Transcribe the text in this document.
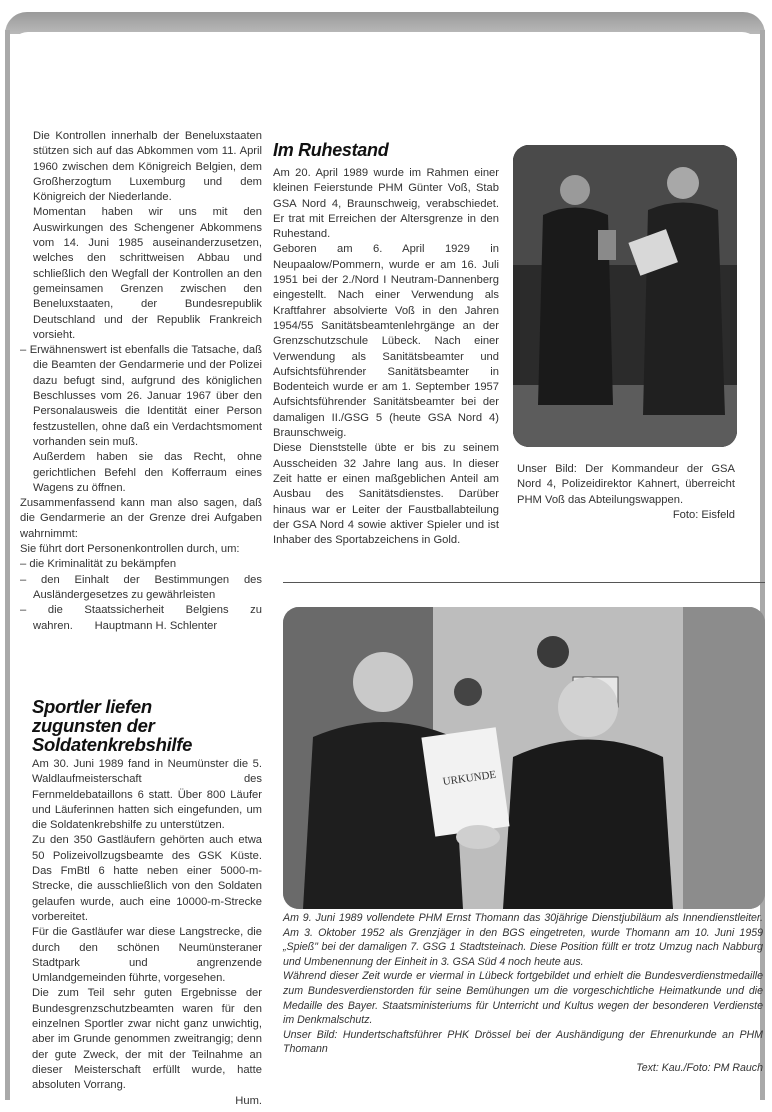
Die Kontrollen innerhalb der Beneluxstaaten stützen sich auf das Abkommen vom 11. April 1960 zwischen dem Königreich Belgien, dem Großherzogtum Luxemburg und dem Königreich der Niederlande.

Momentan haben wir uns mit den Auswirkungen des Schengener Abkommens vom 14. Juni 1985 auseinanderzusetzen, welches den schrittweisen Abbau und schließlich den Wegfall der Kontrollen an den gemeinsamen Grenzen zwischen den Beneluxstaaten, der Bundesrepublik Deutschland und der Republik Frankreich vorsieht.

– Erwähnenswert ist ebenfalls die Tatsache, daß die Beamten der Gendarmerie und der Polizei dazu befugt sind, aufgrund des königlichen Beschlusses vom 26. Januar 1967 über den Personalausweis die Identität einer Person festzustellen, ohne daß ein Verdachtsmoment vorhanden sein muß.

Außerdem haben sie das Recht, ohne gerichtlichen Befehl den Kofferraum eines Wagens zu öffnen.

Zusammenfassend kann man also sagen, daß die Gendarmerie an der Grenze drei Aufgaben wahrnimmt:

Sie führt dort Personenkontrollen durch, um:

– die Kriminalität zu bekämpfen

– den Einhalt der Bestimmungen des Ausländergesetzes zu gewährleisten

– die Staatssicherheit Belgiens zu wahren. Hauptmann H. Schlenter

Im Ruhestand

Am 20. April 1989 wurde im Rahmen einer kleinen Feierstunde PHM Günter Voß, Stab GSA Nord 4, Braunschweig, verabschiedet. Er trat mit Erreichen der Altersgrenze in den Ruhestand.

Geboren am 6. April 1929 in Neupaalow/Pommern, wurde er am 16. Juli 1951 bei der 2./Nord I Neutram-Dannenberg eingestellt. Nach einer Verwendung als Kraftfahrer absolvierte Voß in den Jahren 1954/55 Sanitätsbeamtenlehrgänge an der Grenzschutzschule Lübeck. Nach einer Verwendung als Sanitätsbeamter und Aufsichtsführender Sanitätsbeamter in Bodenteich wurde er am 1. September 1957 Aufsichtsführender Sanitätsbeamter bei der damaligen II./GSG 5 (heute GSA Nord 4) Braunschweig.

Diese Dienststelle übte er bis zu seinem Ausscheiden 32 Jahre lang aus. In dieser Zeit hatte er einen maßgeblichen Anteil am Ausbau des Sanitätsdienstes. Darüber hinaus war er Leiter der Faustballabteilung der GSA Nord 4 sowie aktiver Spieler und ist Inhaber des Sportabzeichens in Gold.

Unser Bild: Der Kommandeur der GSA Nord 4, Polizeidirektor Kahnert, überreicht PHM Voß das Abteilungswappen.

Foto: Eisfeld

Sportler liefen
zugunsten der
Soldatenkrebshilfe

Am 30. Juni 1989 fand in Neumünster die 5. Waldlaufmeisterschaft des Fernmeldebataillons 6 statt. Über 800 Läufer und Läuferinnen hatten sich eingefunden, um die Soldatenkrebshilfe zu unterstützen.

Zu den 350 Gastläufern gehörten auch etwa 50 Polizeivollzugsbeamte des GSK Küste. Das FmBtl 6 hatte neben einer 5000-m-Strecke, die ausschließlich von den Soldaten gelaufen wurde, auch eine 10000-m-Strecke vorbereitet.

Für die Gastläufer war diese Langstrecke, die durch den schönen Neumünsteraner Stadtpark und angrenzende Umlandgemeinden führte, vorgesehen.

Die zum Teil sehr guten Ergebnisse der Bundesgrenzschutzbeamten waren für den einzelnen Sportler zwar nicht ganz unwichtig, aber im Grunde genommen zweitrangig; denn der gute Zweck, der mit der Teilnahme an dieser Meisterschaft erfüllt wurde, hatte absoluten Vorrang.

Hum.

URKUNDE

Am 9. Juni 1989 vollendete PHM Ernst Thomann das 30jährige Dienstjubiläum als Innendienstleiter. Am 3. Oktober 1952 als Grenzjäger in den BGS eingetreten, wurde Thomann am 10. Juni 1959 „Spieß" bei der damaligen 7. GSG 1 Stadtsteinach. Diese Position füllt er trotz Umzug nach Nabburg und Umbenennung der Einheit in 3. GSA Süd 4 noch heute aus.

Während dieser Zeit wurde er viermal in Lübeck fortgebildet und erhielt die Bundesverdienstmedaille zum Bundesverdienstorden für seine Bemühungen um die vorgeschichtliche Heimatkunde und die Medaille des Bayer. Staatsministeriums für Unterricht und Kultus wegen der besonderen Verdienste im Denkmalschutz.

Unser Bild: Hundertschaftsführer PHK Drössel bei der Aushändigung der Ehrenurkunde an PHM Thomann

Text: Kau./Foto: PM Rauch
